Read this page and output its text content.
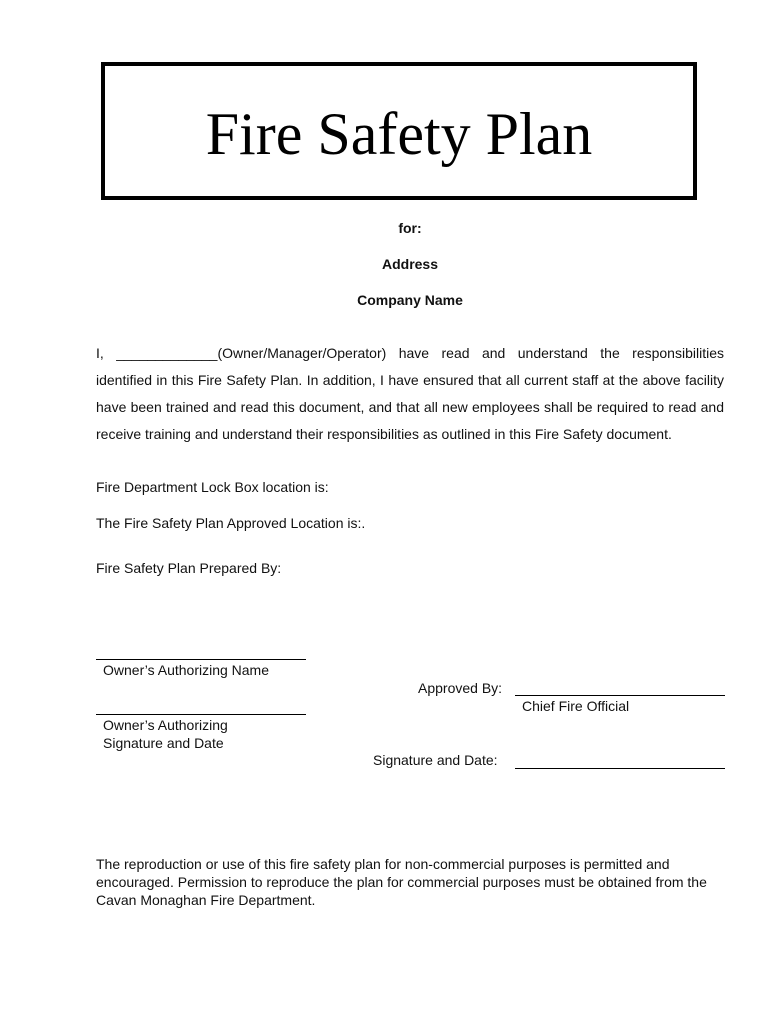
Fire Safety Plan
for:
Address
Company Name
I, _____________(Owner/Manager/Operator) have read and understand the responsibilities identified in this Fire Safety Plan. In addition, I have ensured that all current staff at the above facility have been trained and read this document, and that all new employees shall be required to read and receive training and understand their responsibilities as outlined in this Fire Safety document.
Fire Department Lock Box location is:
The Fire Safety Plan Approved Location is:.
Fire Safety Plan Prepared By:
Owner’s Authorizing Name
Approved By:
Chief Fire Official
Owner’s Authorizing Signature and Date
Signature and Date:
The reproduction or use of this fire safety plan for non-commercial purposes is permitted and encouraged. Permission to reproduce the plan for commercial purposes must be obtained from the Cavan Monaghan Fire Department.
